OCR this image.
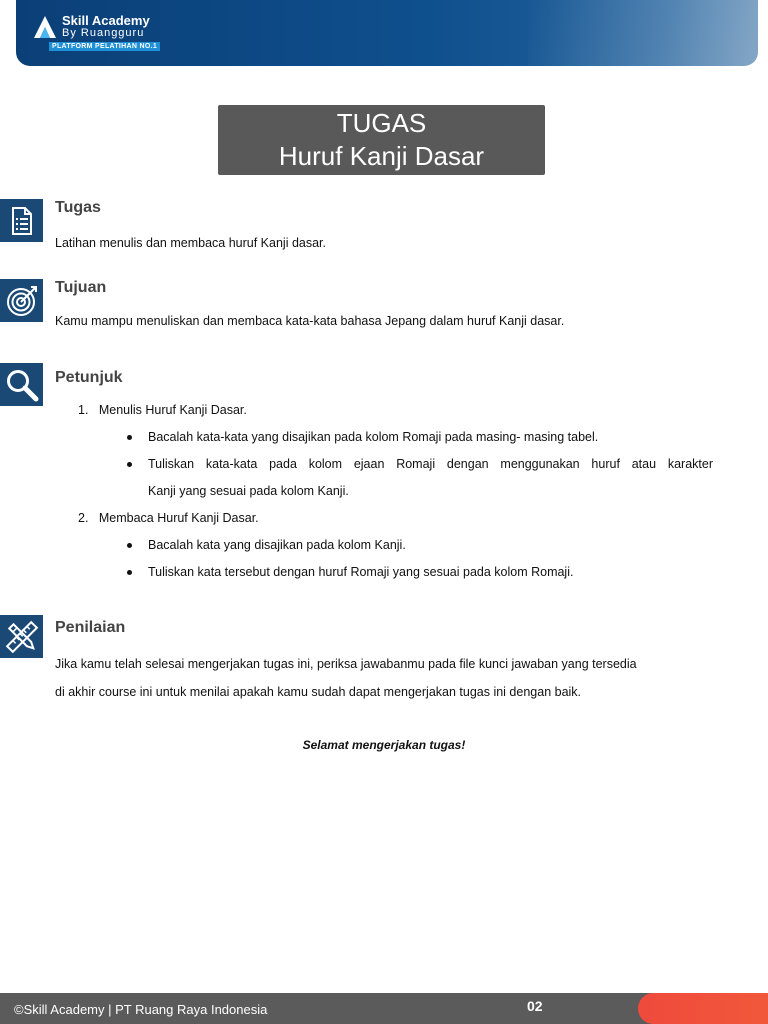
Skill Academy
By Ruangguru
PLATFORM PELATIHAN NO.1
TUGAS
Huruf Kanji Dasar
Tugas
Latihan menulis dan membaca huruf Kanji dasar.
Tujuan
Kamu mampu menuliskan dan membaca kata-kata bahasa Jepang dalam huruf Kanji dasar.
Petunjuk
1. Menulis Huruf Kanji Dasar.
Bacalah kata-kata yang disajikan pada kolom Romaji pada masing- masing tabel.
Tuliskan kata-kata pada kolom ejaan Romaji dengan menggunakan huruf atau karakter
Kanji yang sesuai pada kolom Kanji.
2. Membaca Huruf Kanji Dasar.
Bacalah kata yang disajikan pada kolom Kanji.
Tuliskan kata tersebut dengan huruf Romaji yang sesuai pada kolom Romaji.
Penilaian
Jika kamu telah selesai mengerjakan tugas ini, periksa jawabanmu pada file kunci jawaban yang tersedia
di akhir course ini untuk menilai apakah kamu sudah dapat mengerjakan tugas ini dengan baik.
Selamat mengerjakan tugas!
©Skill Academy | PT Ruang Raya Indonesia	02
